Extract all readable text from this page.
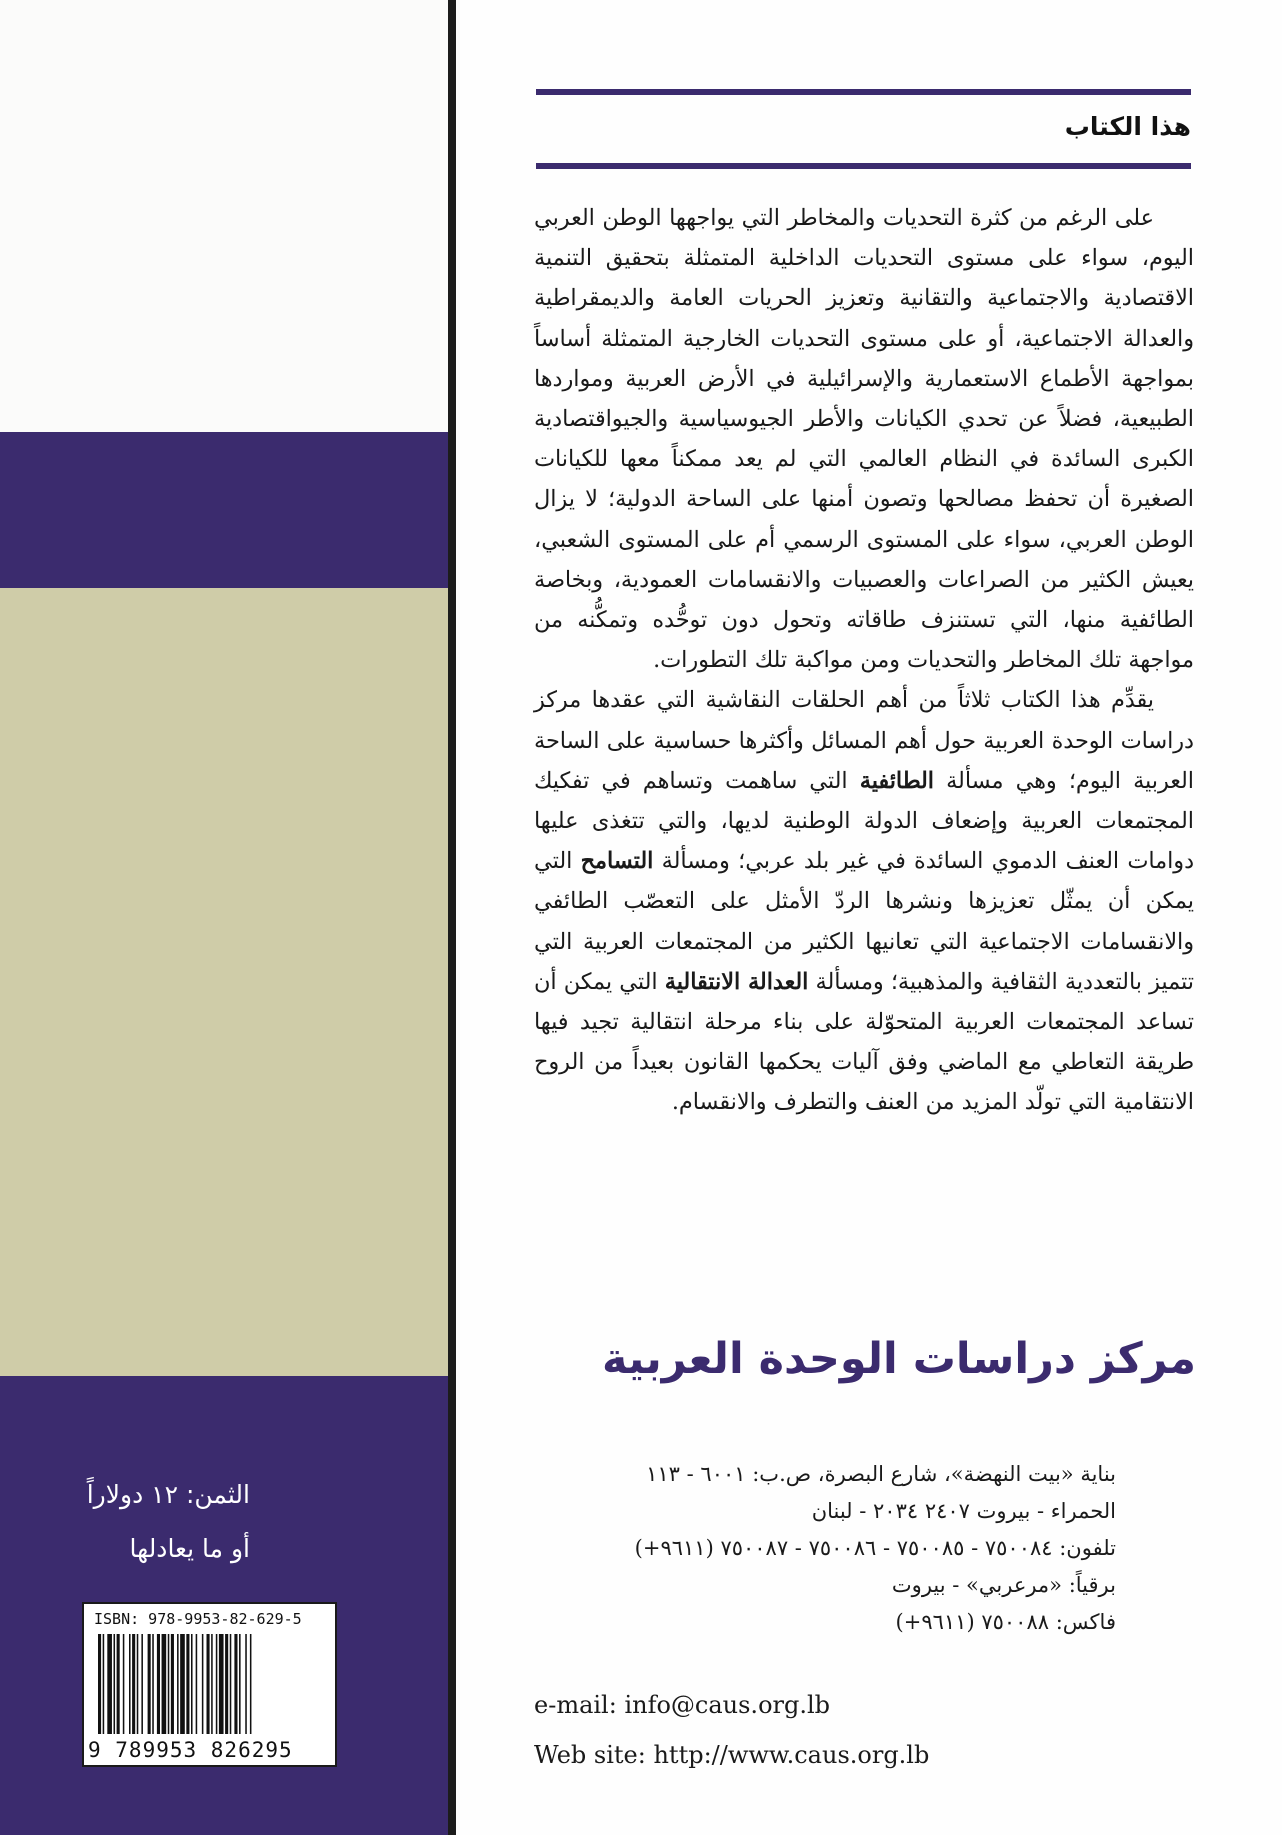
الثمن: ١٢ دولاراً
أو ما يعادلها
ISBN: 978-9953-82-629-5
9 789953 826295
هذا الكتاب

على الرغم من كثرة التحديات والمخاطر التي يواجهها الوطن العربي اليوم، سواء على مستوى التحديات الداخلية المتمثلة بتحقيق التنمية الاقتصادية والاجتماعية والتقانية وتعزيز الحريات العامة والديمقراطية والعدالة الاجتماعية، أو على مستوى التحديات الخارجية المتمثلة أساساً بمواجهة الأطماع الاستعمارية والإسرائيلية في الأرض العربية ومواردها الطبيعية، فضلاً عن تحدي الكيانات والأطر الجيوسياسية والجيواقتصادية الكبرى السائدة في النظام العالمي التي لم يعد ممكناً معها للكيانات الصغيرة أن تحفظ مصالحها وتصون أمنها على الساحة الدولية؛ لا يزال الوطن العربي، سواء على المستوى الرسمي أم على المستوى الشعبي، يعيش الكثير من الصراعات والعصبيات والانقسامات العمودية، وبخاصة الطائفية منها، التي تستنزف طاقاته وتحول دون توحُّده وتمكُّنه من مواجهة تلك المخاطر والتحديات ومن مواكبة تلك التطورات.

يقدِّم هذا الكتاب ثلاثاً من أهم الحلقات النقاشية التي عقدها مركز دراسات الوحدة العربية حول أهم المسائل وأكثرها حساسية على الساحة العربية اليوم؛ وهي مسألة الطائفية التي ساهمت وتساهم في تفكيك المجتمعات العربية وإضعاف الدولة الوطنية لديها، والتي تتغذى عليها دوامات العنف الدموي السائدة في غير بلد عربي؛ ومسألة التسامح التي يمكن أن يمثّل تعزيزها ونشرها الردّ الأمثل على التعصّب الطائفي والانقسامات الاجتماعية التي تعانيها الكثير من المجتمعات العربية التي تتميز بالتعددية الثقافية والمذهبية؛ ومسألة العدالة الانتقالية التي يمكن أن تساعد المجتمعات العربية المتحوّلة على بناء مرحلة انتقالية تجيد فيها طريقة التعاطي مع الماضي وفق آليات يحكمها القانون بعيداً من الروح الانتقامية التي تولّد المزيد من العنف والتطرف والانقسام.

مركز دراسات الوحدة العربية
بناية «بيت النهضة»، شارع البصرة، ص.ب: ٦٠٠١ - ١١٣
الحمراء - بيروت ٢٤٠٧ ٢٠٣٤ - لبنان
تلفون: ٧٥٠٠٨٤ - ٧٥٠٠٨٥ - ٧٥٠٠٨٦ - ٧٥٠٠٨٧ (٩٦١١+)
برقياً: «مرعربي» - بيروت
فاكس: ٧٥٠٠٨٨ (٩٦١١+)
e-mail: info@caus.org.lb
Web site: http://www.caus.org.lb
